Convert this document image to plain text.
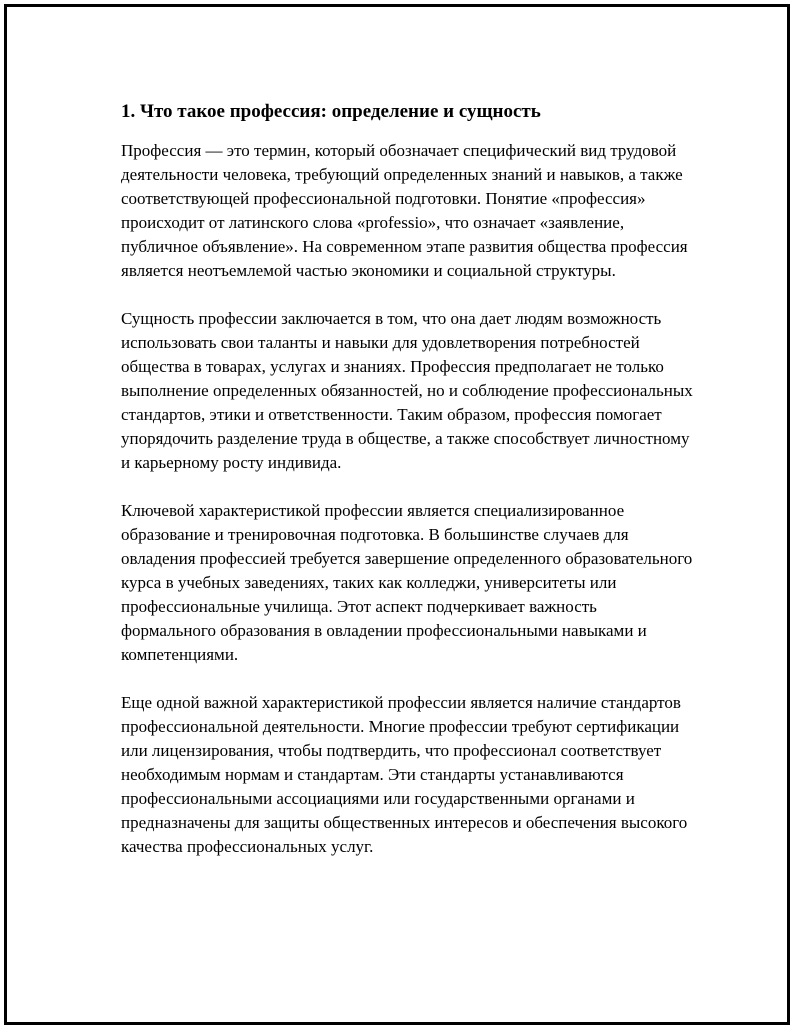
1. Что такое профессия: определение и сущность

Профессия — это термин, который обозначает специфический вид трудовой деятельности человека, требующий определенных знаний и навыков, а также соответствующей профессиональной подготовки. Понятие «профессия» происходит от латинского слова «professio», что означает «заявление, публичное объявление». На современном этапе развития общества профессия является неотъемлемой частью экономики и социальной структуры.

Сущность профессии заключается в том, что она дает людям возможность использовать свои таланты и навыки для удовлетворения потребностей общества в товарах, услугах и знаниях. Профессия предполагает не только выполнение определенных обязанностей, но и соблюдение профессиональных стандартов, этики и ответственности. Таким образом, профессия помогает упорядочить разделение труда в обществе, а также способствует личностному и карьерному росту индивида.

Ключевой характеристикой профессии является специализированное образование и тренировочная подготовка. В большинстве случаев для овладения профессией требуется завершение определенного образовательного курса в учебных заведениях, таких как колледжи, университеты или профессиональные училища. Этот аспект подчеркивает важность формального образования в овладении профессиональными навыками и компетенциями.

Еще одной важной характеристикой профессии является наличие стандартов профессиональной деятельности. Многие профессии требуют сертификации или лицензирования, чтобы подтвердить, что профессионал соответствует необходимым нормам и стандартам. Эти стандарты устанавливаются профессиональными ассоциациями или государственными органами и предназначены для защиты общественных интересов и обеспечения высокого качества профессиональных услуг.
